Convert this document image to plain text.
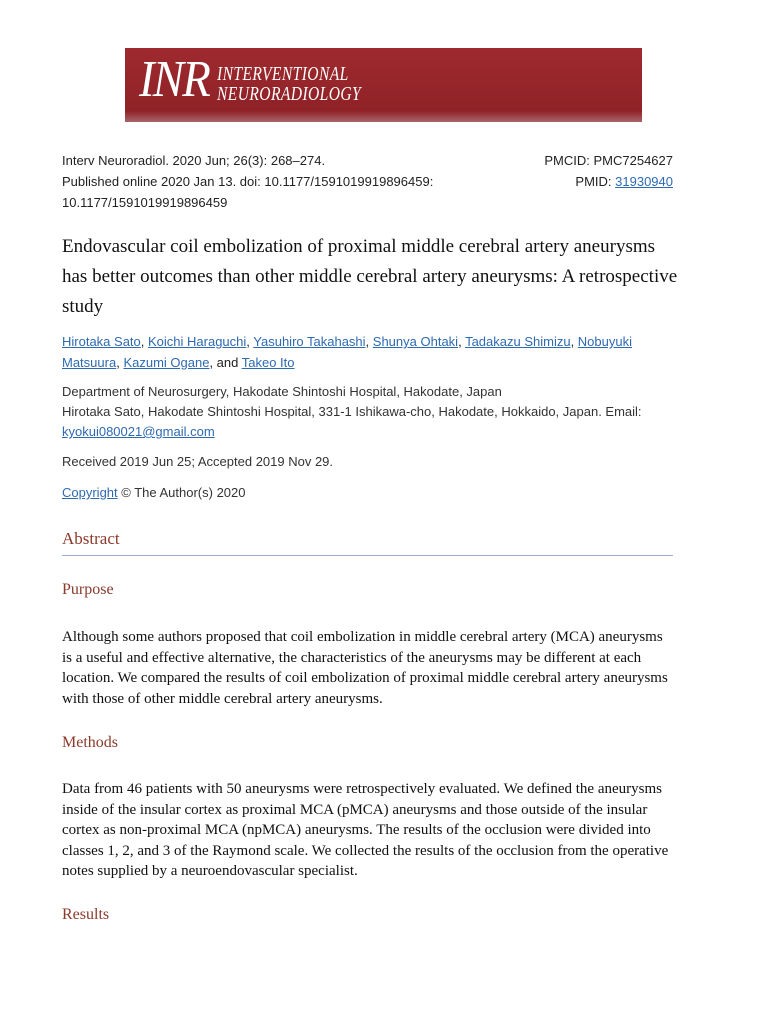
INR INTERVENTIONAL
NEURORADIOLOGY
Interv Neuroradiol. 2020 Jun; 26(3): 268–274.	PMCID: PMC7254627
Published online 2020 Jan 13. doi: 10.1177/1591019919896459:	PMID: 31930940
10.1177/1591019919896459
Endovascular coil embolization of proximal middle cerebral artery aneurysms has better outcomes than other middle cerebral artery aneurysms: A retrospective study
Hirotaka Sato, Koichi Haraguchi, Yasuhiro Takahashi, Shunya Ohtaki, Tadakazu Shimizu, Nobuyuki Matsuura, Kazumi Ogane, and Takeo Ito
Department of Neurosurgery, Hakodate Shintoshi Hospital, Hakodate, Japan
Hirotaka Sato, Hakodate Shintoshi Hospital, 331-1 Ishikawa-cho, Hakodate, Hokkaido, Japan. Email: kyokui080021@gmail.com
Received 2019 Jun 25; Accepted 2019 Nov 29.
Copyright © The Author(s) 2020
Abstract
Purpose
Although some authors proposed that coil embolization in middle cerebral artery (MCA) aneurysms is a useful and effective alternative, the characteristics of the aneurysms may be different at each location. We compared the results of coil embolization of proximal middle cerebral artery aneurysms with those of other middle cerebral artery aneurysms.
Methods
Data from 46 patients with 50 aneurysms were retrospectively evaluated. We defined the aneurysms inside of the insular cortex as proximal MCA (pMCA) aneurysms and those outside of the insular cortex as non-proximal MCA (npMCA) aneurysms. The results of the occlusion were divided into classes 1, 2, and 3 of the Raymond scale. We collected the results of the occlusion from the operative notes supplied by a neuroendovascular specialist.
Results
